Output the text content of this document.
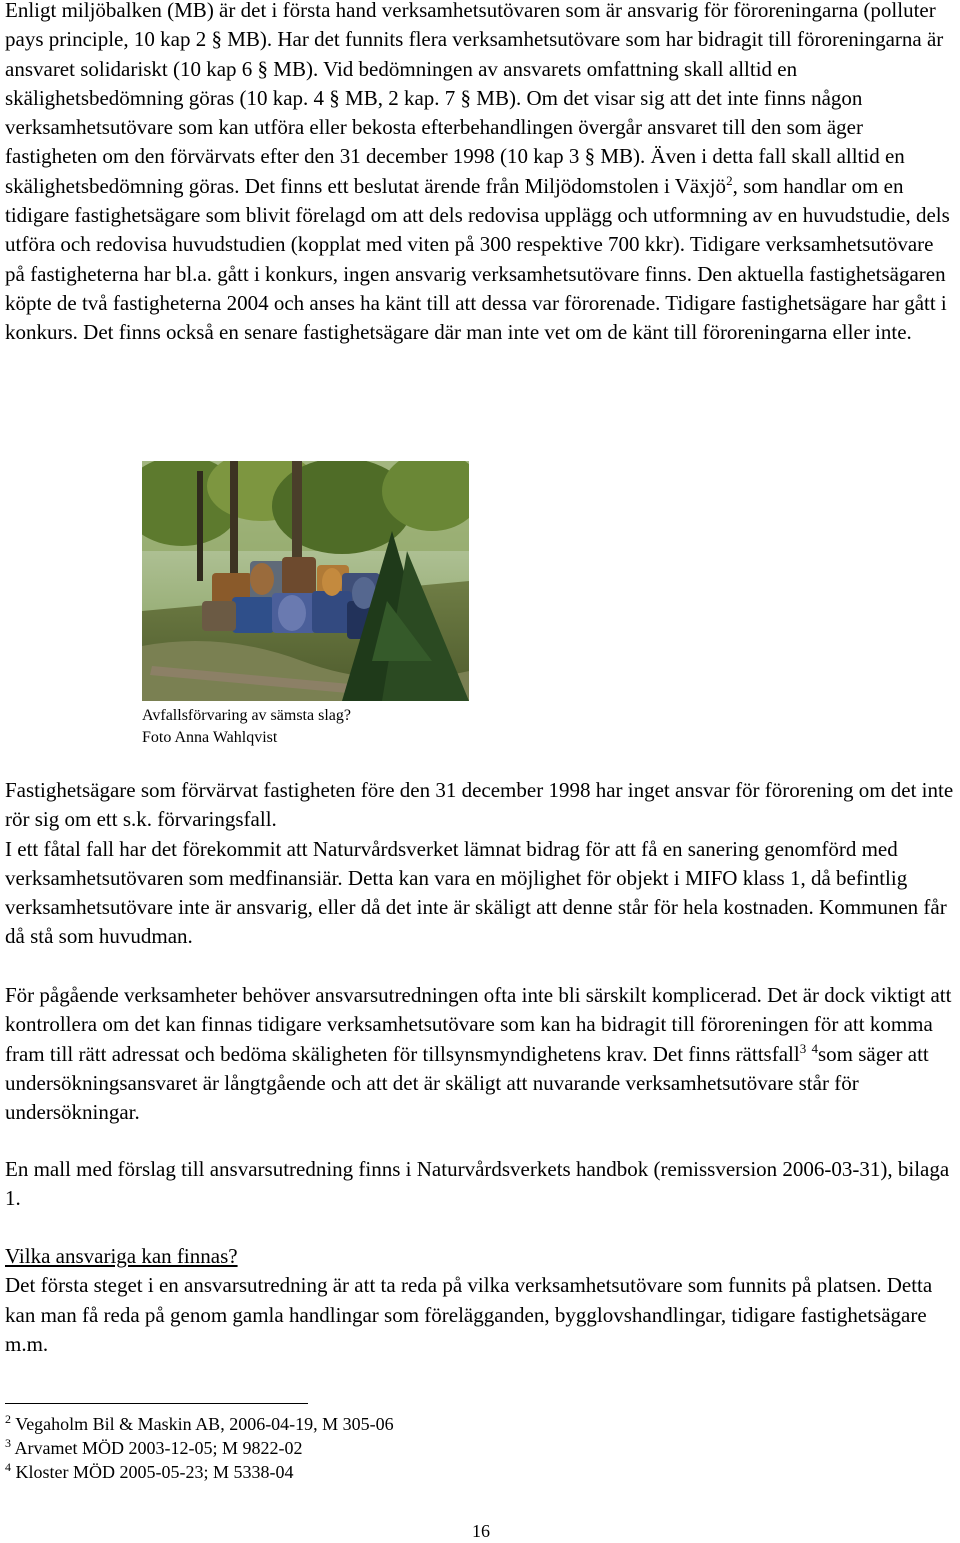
Enligt miljöbalken (MB) är det i första hand verksamhetsutövaren som är ansvarig för föroreningarna (polluter pays principle, 10 kap 2 § MB). Har det funnits flera verksamhetsutövare som har bidragit till föroreningarna är ansvaret solidariskt (10 kap 6 § MB). Vid bedömningen av ansvarets omfattning skall alltid en skälighetsbedömning göras (10 kap. 4 § MB, 2 kap. 7 § MB). Om det visar sig att det inte finns någon verksamhetsutövare som kan utföra eller bekosta efterbehandlingen övergår ansvaret till den som äger fastigheten om den förvärvats efter den 31 december 1998 (10 kap 3 § MB). Även i detta fall skall alltid en skälighetsbedömning göras. Det finns ett beslutat ärende från Miljödomstolen i Växjö$^2$, som handlar om en tidigare fastighetsägare som blivit förelagd om att dels redovisa upplägg och utformning av en huvudstudie, dels utföra och redovisa huvudstudien (kopplat med viten på 300 respektive 700 kkr). Tidigare verksamhetsutövare på fastigheterna har bl.a. gått i konkurs, ingen ansvarig verksamhetsutövare finns. Den aktuella fastighetsägaren köpte de två fastigheterna 2004 och anses ha känt till att dessa var förorenade. Tidigare fastighetsägare har gått i konkurs. Det finns också en senare fastighetsägare där man inte vet om de känt till föroreningarna eller inte.

Avfallsförvaring av sämsta slag?
Foto Anna Wahlqvist

Fastighetsägare som förvärvat fastigheten före den 31 december 1998 har inget ansvar för förorening om det inte rör sig om ett s.k. förvaringsfall.

I ett fåtal fall har det förekommit att Naturvårdsverket lämnat bidrag för att få en sanering genomförd med verksamhetsutövaren som medfinansiär. Detta kan vara en möjlighet för objekt i MIFO klass 1, då befintlig verksamhetsutövare inte är ansvarig, eller då det inte är skäligt att denne står för hela kostnaden. Kommunen får då stå som huvudman.

För pågående verksamheter behöver ansvarsutredningen ofta inte bli särskilt komplicerad. Det är dock viktigt att kontrollera om det kan finnas tidigare verksamhetsutövare som kan ha bidragit till föroreningen för att komma fram till rätt adressat och bedöma skäligheten för tillsynsmyndighetens krav. Det finns rättsfall$^3$ $^4$som säger att undersökningsansvaret är långtgående och att det är skäligt att nuvarande verksamhetsutövare står för undersökningar.

En mall med förslag till ansvarsutredning finns i Naturvårdsverkets handbok (remissversion 2006-03-31), bilaga 1.

Vilka ansvariga kan finnas?

Det första steget i en ansvarsutredning är att ta reda på vilka verksamhetsutövare som funnits på platsen. Detta kan man få reda på genom gamla handlingar som förelägganden, bygglovshandlingar, tidigare fastighetsägare m.m.

$^2$ Vegaholm Bil & Maskin AB, 2006-04-19, M 305-06

$^3$ Arvamet MÖD 2003-12-05; M 9822-02

$^4$ Kloster MÖD 2005-05-23; M 5338-04

16
